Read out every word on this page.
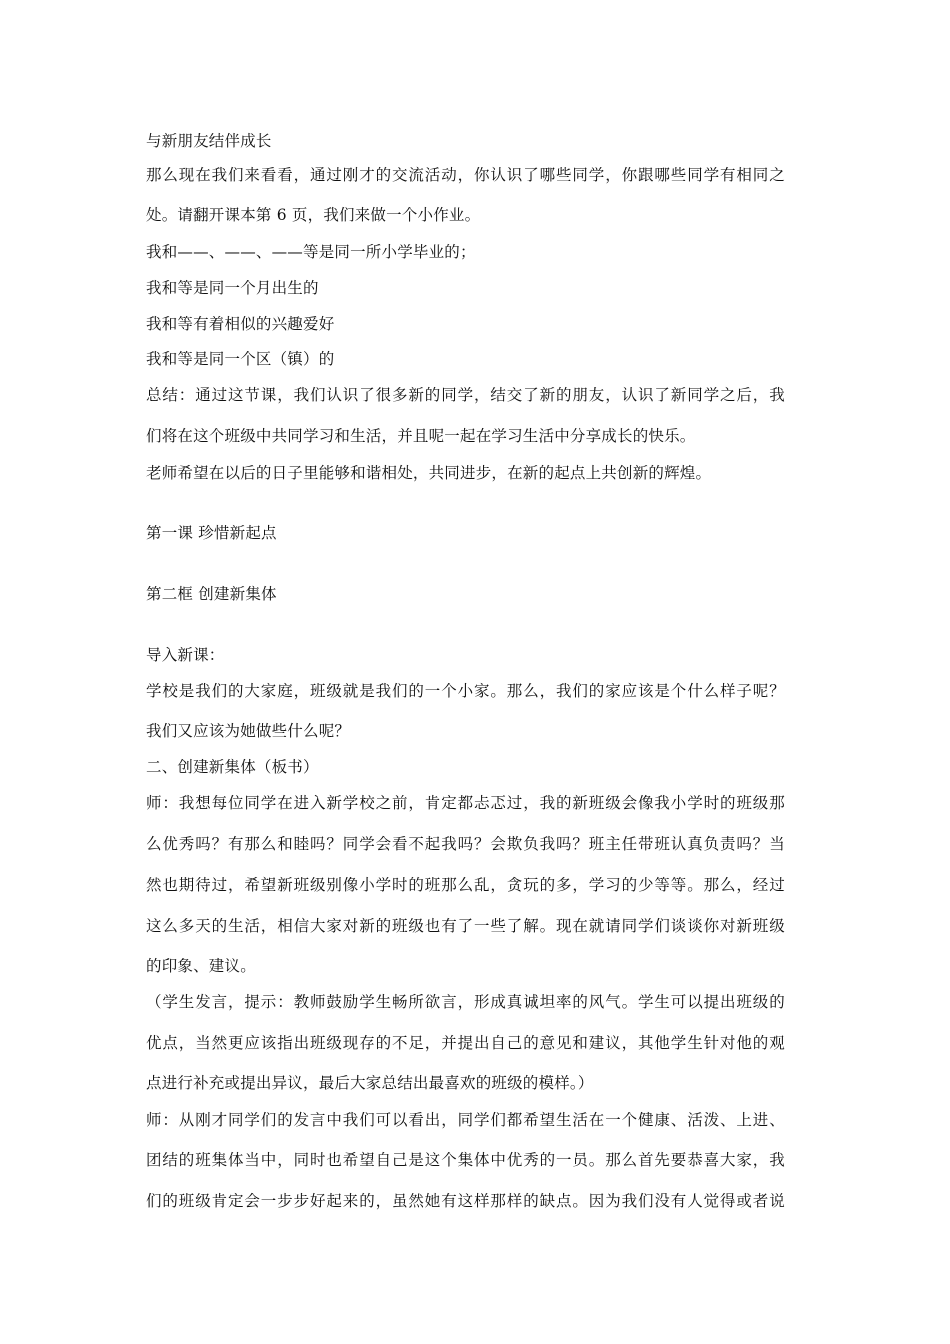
与新朋友结伴成长
那么现在我们来看看，通过刚才的交流活动，你认识了哪些同学，你跟哪些同学有相同之
处。请翻开课本第 6 页，我们来做一个小作业。
我和——、——、——等是同一所小学毕业的；
我和等是同一个月出生的
我和等有着相似的兴趣爱好
我和等是同一个区（镇）的
总结：通过这节课，我们认识了很多新的同学，结交了新的朋友，认识了新同学之后，我
们将在这个班级中共同学习和生活，并且呢一起在学习生活中分享成长的快乐。
老师希望在以后的日子里能够和谐相处，共同进步，在新的起点上共创新的辉煌。
第一课 珍惜新起点
第二框 创建新集体
导入新课：
学校是我们的大家庭，班级就是我们的一个小家。那么，我们的家应该是个什么样子呢？
我们又应该为她做些什么呢？
二、创建新集体（板书）
师：我想每位同学在进入新学校之前，肯定都忐忑过，我的新班级会像我小学时的班级那
么优秀吗？有那么和睦吗？同学会看不起我吗？会欺负我吗？班主任带班认真负责吗？当
然也期待过，希望新班级别像小学时的班那么乱，贪玩的多，学习的少等等。那么，经过
这么多天的生活，相信大家对新的班级也有了一些了解。现在就请同学们谈谈你对新班级
的印象、建议。
（学生发言，提示：教师鼓励学生畅所欲言，形成真诚坦率的风气。学生可以提出班级的
优点，当然更应该指出班级现存的不足，并提出自己的意见和建议，其他学生针对他的观
点进行补充或提出异议，最后大家总结出最喜欢的班级的模样。）
师：从刚才同学们的发言中我们可以看出，同学们都希望生活在一个健康、活泼、上进、
团结的班集体当中，同时也希望自己是这个集体中优秀的一员。那么首先要恭喜大家，我
们的班级肯定会一步步好起来的，虽然她有这样那样的缺点。因为我们没有人觉得或者说
